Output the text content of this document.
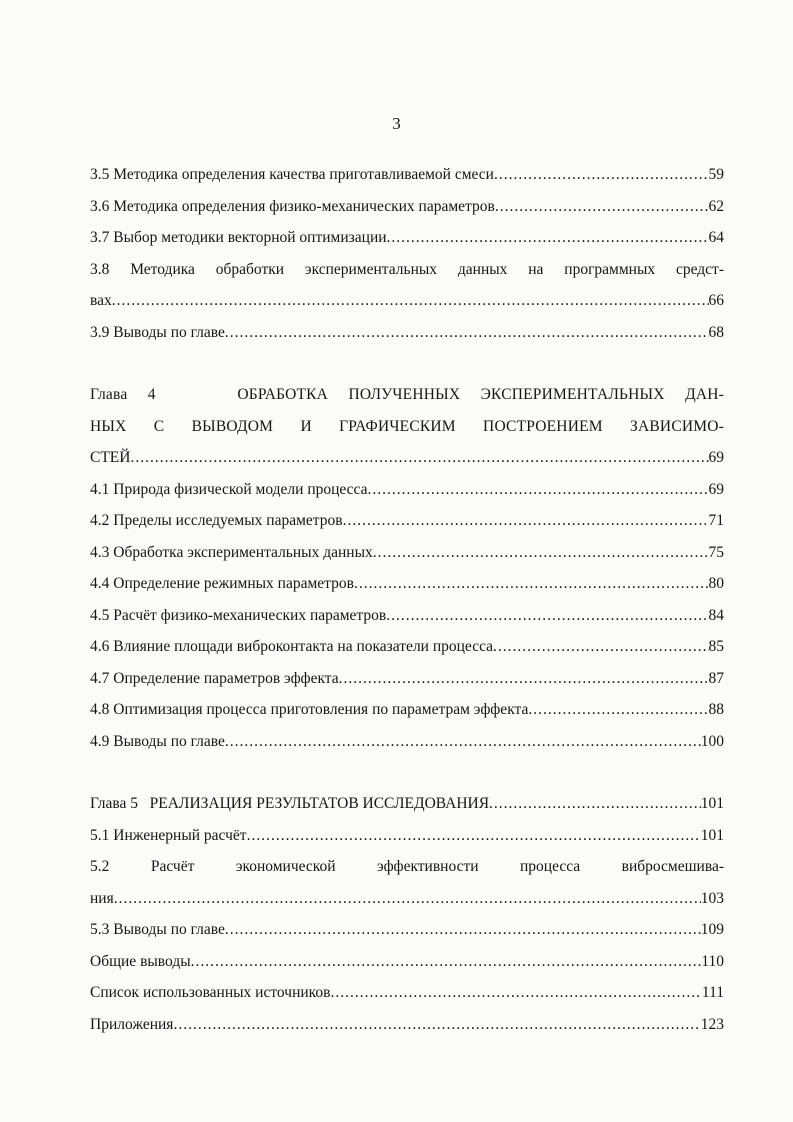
3
3.5 Методика определения качества приготавливаемой смеси .....	59
3.6 Методика определения физико-механических параметров .....	62
3.7 Выбор методики векторной оптимизации .....	64
3.8 Методика обработки экспериментальных данных на программных средст-
вах .....	66
3.9 Выводы по главе .....	68
Глава 4    ОБРАБОТКА ПОЛУЧЕННЫХ ЭКСПЕРИМЕНТАЛЬНЫХ ДАН-
НЫХ С ВЫВОДОМ И ГРАФИЧЕСКИМ ПОСТРОЕНИЕМ ЗАВИСИМО-
СТЕЙ .....	69
4.1 Природа физической модели процесса .....	69
4.2 Пределы исследуемых параметров .....	71
4.3 Обработка экспериментальных данных .....	75
4.4 Определение режимных параметров .....	80
4.5 Расчёт физико-механических параметров .....	84
4.6 Влияние площади виброконтакта на показатели процесса .....	85
4.7 Определение параметров эффекта .....	87
4.8 Оптимизация процесса приготовления по параметрам эффекта .....	88
4.9 Выводы по главе .....	100
Глава 5   РЕАЛИЗАЦИЯ РЕЗУЛЬТАТОВ ИССЛЕДОВАНИЯ .....	101
5.1 Инженерный расчёт .....	101
5.2 Расчёт экономической эффективности процесса вибросмешива-
ния .....	103
5.3 Выводы по главе .....	109
Общие выводы .....	110
Список использованных источников .....	111
Приложения .....	123
